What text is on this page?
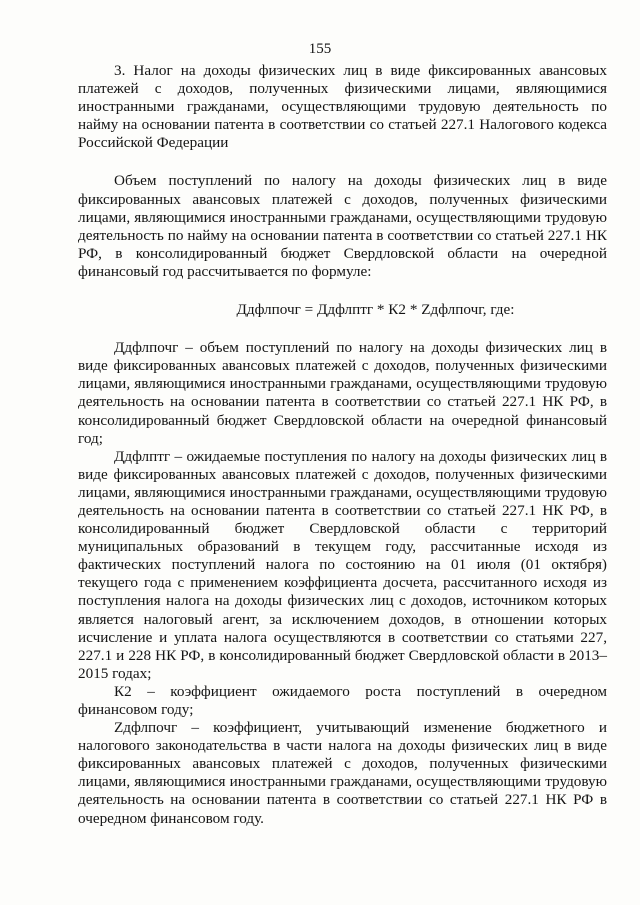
155

3. Налог на доходы физических лиц в виде фиксированных авансовых платежей с доходов, полученных физическими лицами, являющимися иностранными гражданами, осуществляющими трудовую деятельность по найму на основании патента в соответствии со статьей 227.1 Налогового кодекса Российской Федерации

Объем поступлений по налогу на доходы физических лиц в виде фиксированных авансовых платежей с доходов, полученных физическими лицами, являющимися иностранными гражданами, осуществляющими трудовую деятельность по найму на основании патента в соответствии со статьей 227.1 НК РФ, в консолидированный бюджет Свердловской области на очередной финансовый год рассчитывается по формуле:

Ддфлпочг = Ддфлптг * К2 * Zдфлпочг, где:

Ддфлпочг – объем поступлений по налогу на доходы физических лиц в виде фиксированных авансовых платежей с доходов, полученных физическими лицами, являющимися иностранными гражданами, осуществляющими трудовую деятельность на основании патента в соответствии со статьей 227.1 НК РФ, в консолидированный бюджет Свердловской области на очередной финансовый год;

Ддфлптг – ожидаемые поступления по налогу на доходы физических лиц в виде фиксированных авансовых платежей с доходов, полученных физическими лицами, являющимися иностранными гражданами, осуществляющими трудовую деятельность на основании патента в соответствии со статьей 227.1 НК РФ, в консолидированный бюджет Свердловской области с территорий муниципальных образований в текущем году, рассчитанные исходя из фактических поступлений налога по состоянию на 01 июля (01 октября) текущего года с применением коэффициента досчета, рассчитанного исходя из поступления налога на доходы физических лиц с доходов, источником которых является налоговый агент, за исключением доходов, в отношении которых исчисление и уплата налога осуществляются в соответствии со статьями 227, 227.1 и 228 НК РФ, в консолидированный бюджет Свердловской области в 2013–2015 годах;

К2 – коэффициент ожидаемого роста поступлений в очередном финансовом году;

Zдфлпочг – коэффициент, учитывающий изменение бюджетного и налогового законодательства в части налога на доходы физических лиц в виде фиксированных авансовых платежей с доходов, полученных физическими лицами, являющимися иностранными гражданами, осуществляющими трудовую деятельность на основании патента в соответствии со статьей 227.1 НК РФ в очередном финансовом году.
